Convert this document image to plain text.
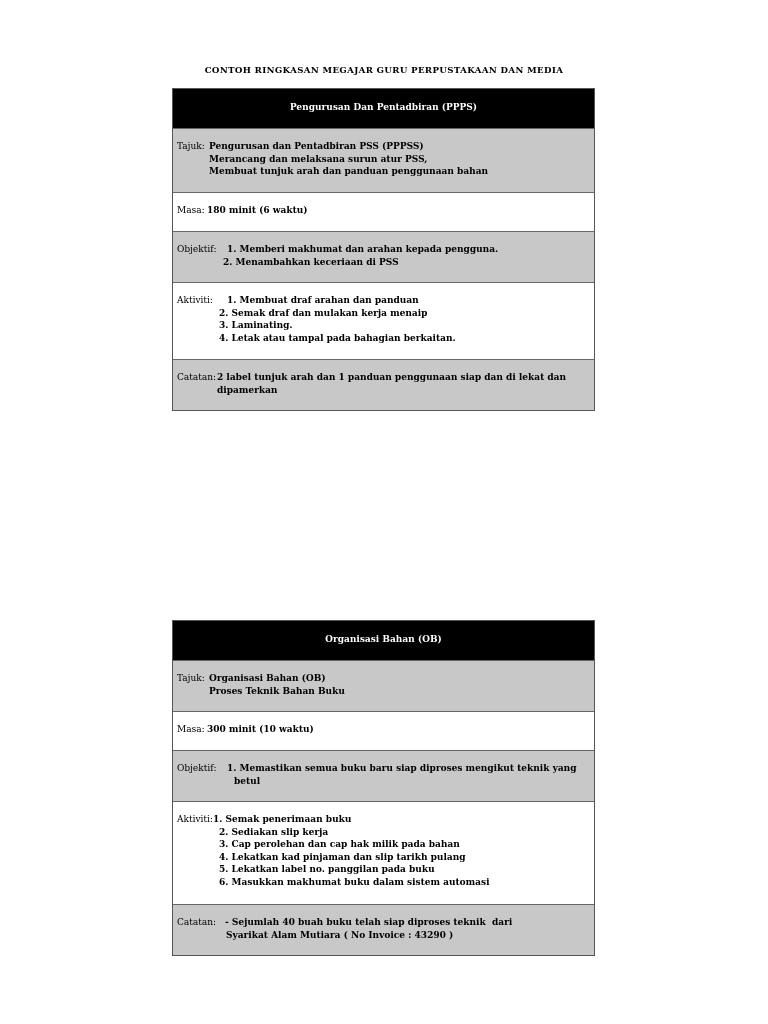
CONTOH RINGKASAN MEGAJAR GURU PERPUSTAKAAN DAN MEDIA
Pengurusan Dan Pentadbiran (PPPS)
Tajuk: Pengurusan dan Pentadbiran PSS (PPPSS)
Merancang dan melaksana surun atur PSS,
Membuat tunjuk arah dan panduan penggunaan bahan
Masa: 180 minit (6 waktu)
Objektif:	1. Memberi makhumat dan arahan kepada pengguna.
2. Menambahkan keceriaan di PSS
Aktiviti:	1. Membuat draf arahan dan panduan
2. Semak draf dan mulakan kerja menaip
3. Laminating.
4. Letak atau tampal pada bahagian berkaitan.
Catatan: 2 label tunjuk arah dan 1 panduan penggunaan siap dan di lekat dan
dipamerkan
Organisasi Bahan (OB)
Tajuk: Organisasi Bahan (OB)
Proses Teknik Bahan Buku
Masa: 300 minit (10 waktu)
Objektif:	1. Memastikan semua buku baru siap diproses mengikut teknik yang
betul
Aktiviti: 1. Semak penerimaan buku
2. Sediakan slip kerja
3. Cap perolehan dan cap hak milik pada bahan
4. Lekatkan kad pinjaman dan slip tarikh pulang
5. Lekatkan label no. panggilan pada buku
6. Masukkan makhumat buku dalam sistem automasi
Catatan: - Sejumlah 40 buah buku telah siap diproses teknik  dari
Syarikat Alam Mutiara ( No Invoice : 43290 )
